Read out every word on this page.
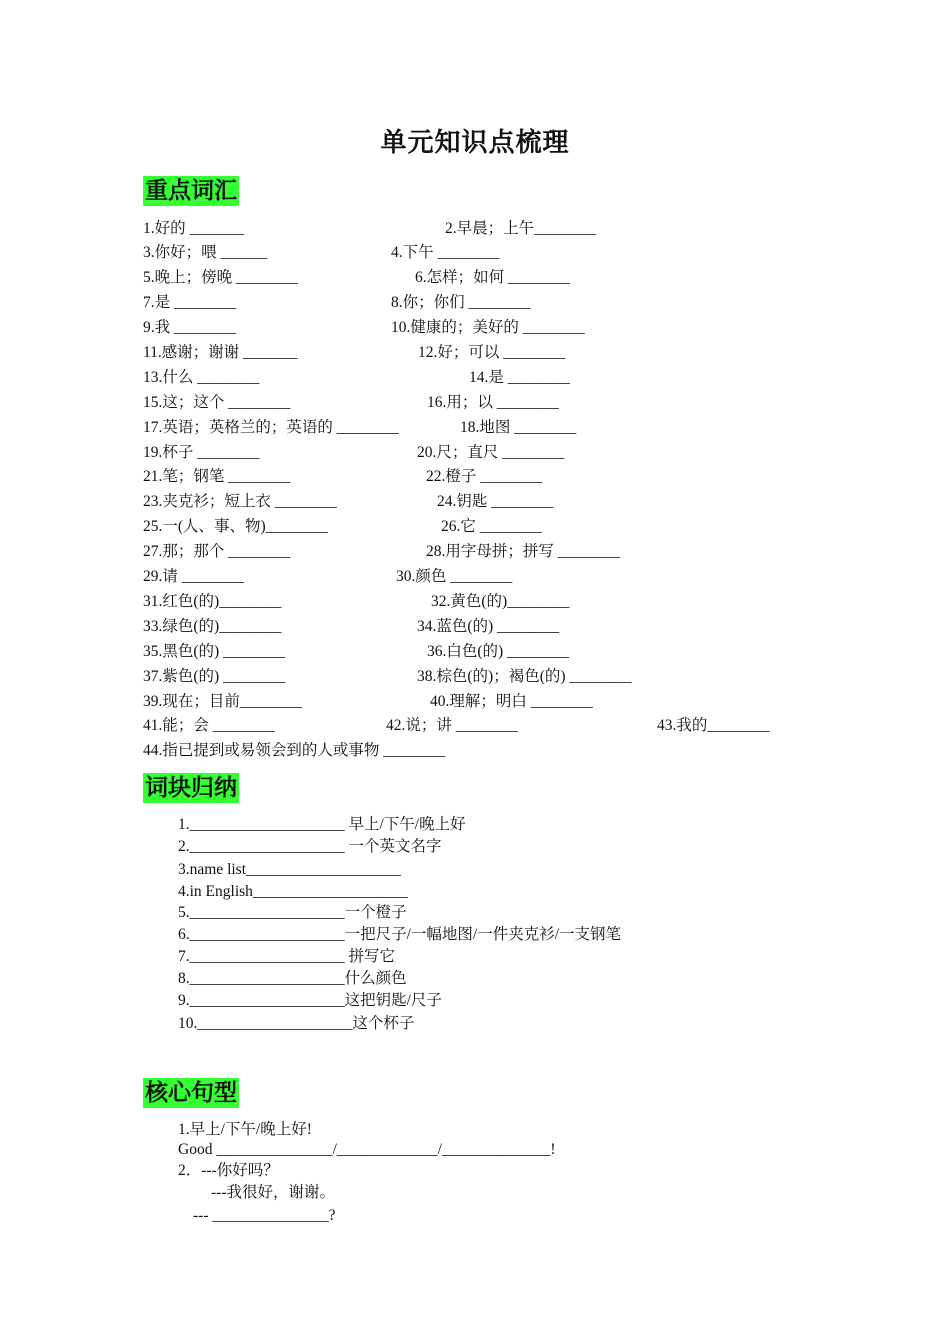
单元知识点梳理
重点词汇
1.好的 _______	2.早晨；上午________
3.你好；喂 ______	4.下午 ________
5.晚上；傍晚 ________	6.怎样；如何 ________
7.是 ________	8.你；你们 ________
9.我 ________	10.健康的；美好的 ________
11.感谢；谢谢 _______	12.好；可以 ________
13.什么 ________	14.是 ________
15.这；这个 ________	16.用；以 ________
17.英语；英格兰的；英语的 ________	18.地图 ________
19.杯子 ________	20.尺；直尺 ________
21.笔；钢笔 ________	22.橙子 ________
23.夹克衫；短上衣 ________	24.钥匙 ________
25.一(人、事、物)________	26.它 ________
27.那；那个 ________	28.用字母拼；拼写 ________
29.请 ________	30.颜色 ________
31.红色(的)________	32.黄色(的)________
33.绿色(的)________	34.蓝色(的) ________
35.黑色(的) ________	36.白色(的) ________
37.紫色(的) ________	38.棕色(的)；褐色(的) ________
39.现在；目前________	40.理解；明白 ________
41.能；会 ________	42.说；讲 ________	43.我的________
44.指已提到或易领会到的人或事物 ________
词块归纳
1.____________________ 早上/下午/晚上好
2.____________________ 一个英文名字
3.name list____________________
4.in English____________________
5.____________________一个橙子
6.____________________一把尺子/一幅地图/一件夹克衫/一支钢笔
7.____________________ 拼写它
8.____________________什么颜色
9.____________________这把钥匙/尺子
10.____________________这个杯子
核心句型
1.早上/下午/晚上好!
Good _______________/_____________/______________!
2．---你好吗？
---我很好，谢谢。
--- _______________?
